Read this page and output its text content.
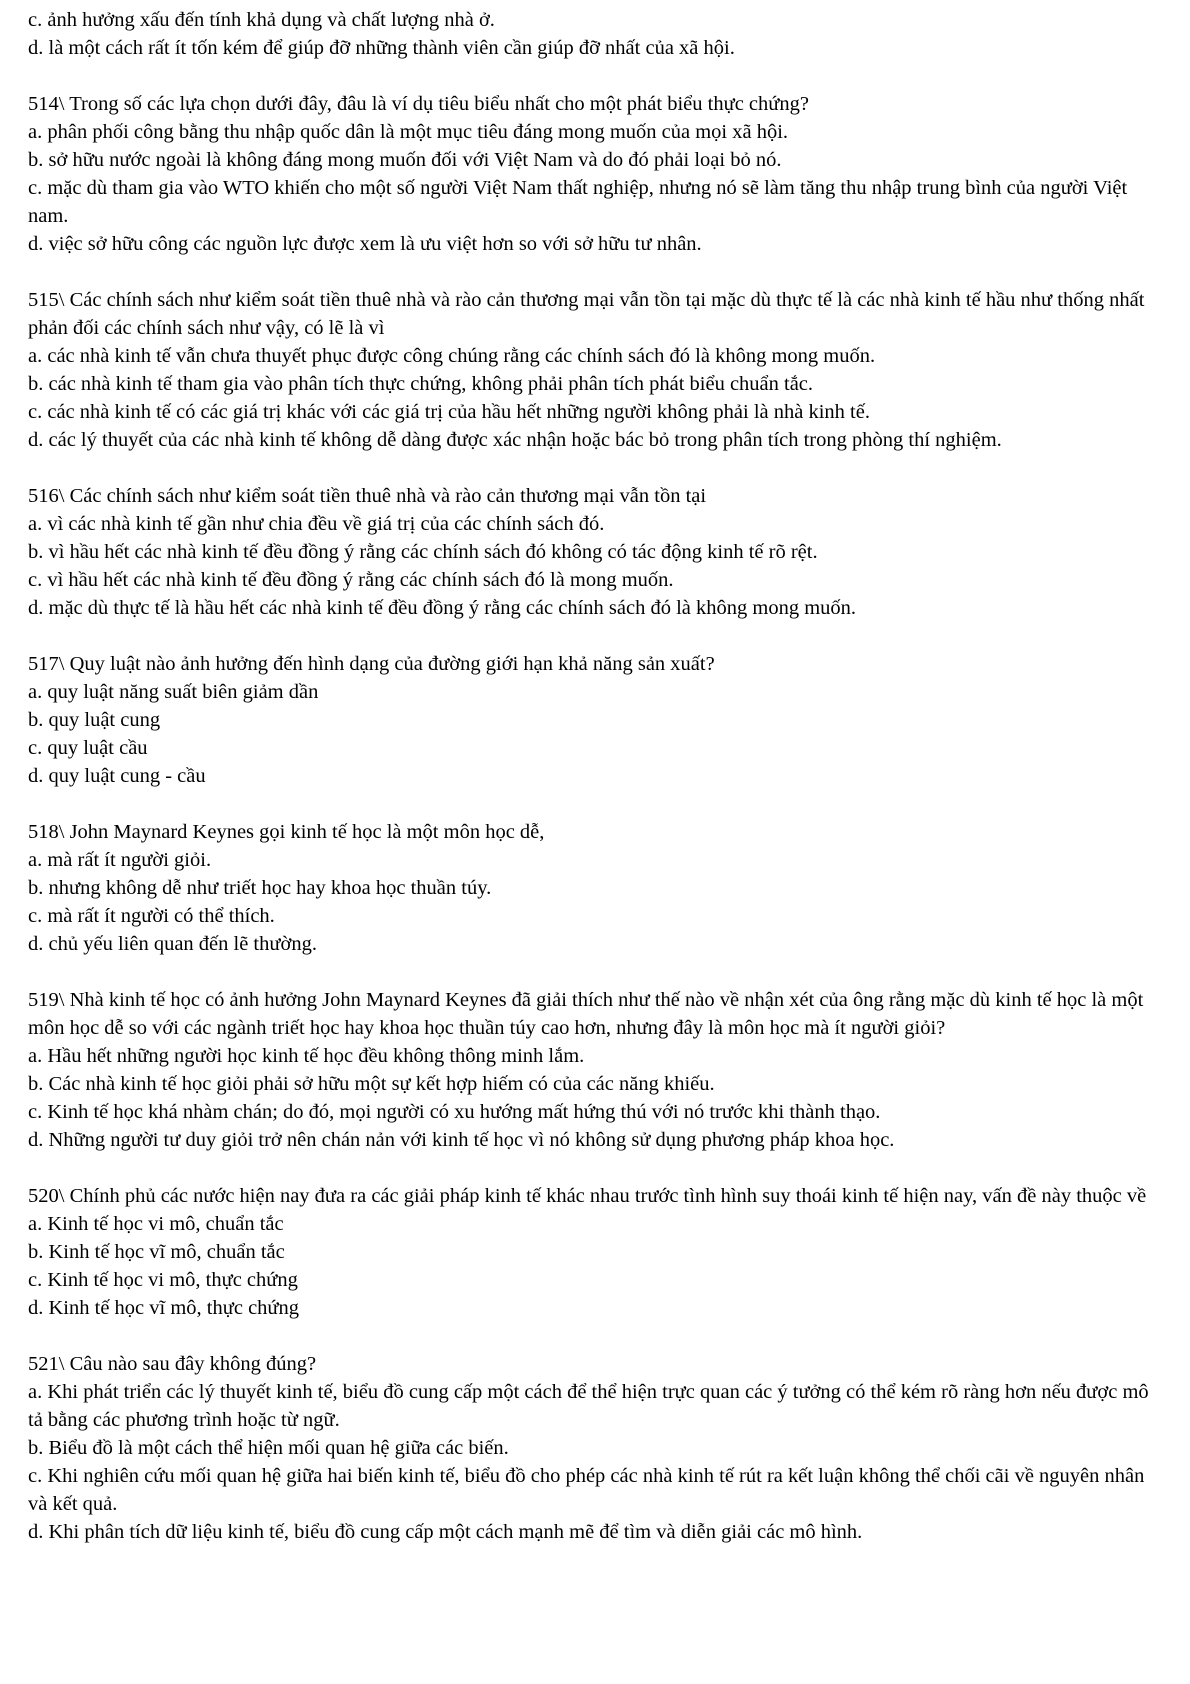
c. ảnh hưởng xấu đến tính khả dụng và chất lượng nhà ở.

d. là một cách rất ít tốn kém để giúp đỡ những thành viên cần giúp đỡ nhất của xã hội.

514\ Trong số các lựa chọn dưới đây, đâu là ví dụ tiêu biểu nhất cho một phát biểu thực chứng?

a. phân phối công bằng thu nhập quốc dân là một mục tiêu đáng mong muốn của mọi xã hội.

b. sở hữu nước ngoài là không đáng mong muốn đối với Việt Nam và do đó phải loại bỏ nó.

c. mặc dù tham gia vào WTO khiến cho một số người Việt Nam thất nghiệp, nhưng nó sẽ làm tăng thu nhập trung bình của người Việt nam.

d. việc sở hữu công các nguồn lực được xem là ưu việt hơn so với sở hữu tư nhân.

515\ Các chính sách như kiểm soát tiền thuê nhà và rào cản thương mại vẫn tồn tại mặc dù thực tế là các nhà kinh tế hầu như thống nhất phản đối các chính sách như vậy, có lẽ là vì

a. các nhà kinh tế vẫn chưa thuyết phục được công chúng rằng các chính sách đó là không mong muốn.

b. các nhà kinh tế tham gia vào phân tích thực chứng, không phải phân tích phát biểu chuẩn tắc.

c. các nhà kinh tế có các giá trị khác với các giá trị của hầu hết những người không phải là nhà kinh tế.

d. các lý thuyết của các nhà kinh tế không dễ dàng được xác nhận hoặc bác bỏ trong phân tích trong phòng thí nghiệm.

516\ Các chính sách như kiểm soát tiền thuê nhà và rào cản thương mại vẫn tồn tại

a. vì các nhà kinh tế gần như chia đều về giá trị của các chính sách đó.

b. vì hầu hết các nhà kinh tế đều đồng ý rằng các chính sách đó không có tác động kinh tế rõ rệt.

c. vì hầu hết các nhà kinh tế đều đồng ý rằng các chính sách đó là mong muốn.

d. mặc dù thực tế là hầu hết các nhà kinh tế đều đồng ý rằng các chính sách đó là không mong muốn.

517\ Quy luật nào ảnh hưởng đến hình dạng của đường giới hạn khả năng sản xuất?

a. quy luật năng suất biên giảm dần

b. quy luật cung

c. quy luật cầu

d. quy luật cung - cầu

518\ John Maynard Keynes gọi kinh tế học là một môn học dễ,

a. mà rất ít người giỏi.

b. nhưng không dễ như triết học hay khoa học thuần túy.

c. mà rất ít người có thể thích.

d. chủ yếu liên quan đến lẽ thường.

519\ Nhà kinh tế học có ảnh hưởng John Maynard Keynes đã giải thích như thế nào về nhận xét của ông rằng mặc dù kinh tế học là một môn học dễ so với các ngành triết học hay khoa học thuần túy cao hơn, nhưng đây là môn học mà ít người giỏi?

a. Hầu hết những người học kinh tế học đều không thông minh lắm.

b. Các nhà kinh tế học giỏi phải sở hữu một sự kết hợp hiếm có của các năng khiếu.

c. Kinh tế học khá nhàm chán; do đó, mọi người có xu hướng mất hứng thú với nó trước khi thành thạo.

d. Những người tư duy giỏi trở nên chán nản với kinh tế học vì nó không sử dụng phương pháp khoa học.

520\ Chính phủ các nước hiện nay đưa ra các giải pháp kinh tế khác nhau trước tình hình suy thoái kinh tế hiện nay, vấn đề này thuộc về

a. Kinh tế học vi mô, chuẩn tắc

b. Kinh tế học vĩ mô, chuẩn tắc

c. Kinh tế học vi mô, thực chứng

d. Kinh tế học vĩ mô, thực chứng

521\ Câu nào sau đây không đúng?

a. Khi phát triển các lý thuyết kinh tế, biểu đồ cung cấp một cách để thể hiện trực quan các ý tưởng có thể kém rõ ràng hơn nếu được mô tả bằng các phương trình hoặc từ ngữ.

b. Biểu đồ là một cách thể hiện mối quan hệ giữa các biến.

c. Khi nghiên cứu mối quan hệ giữa hai biến kinh tế, biểu đồ cho phép các nhà kinh tế rút ra kết luận không thể chối cãi về nguyên nhân và kết quả.

d. Khi phân tích dữ liệu kinh tế, biểu đồ cung cấp một cách mạnh mẽ để tìm và diễn giải các mô hình.
